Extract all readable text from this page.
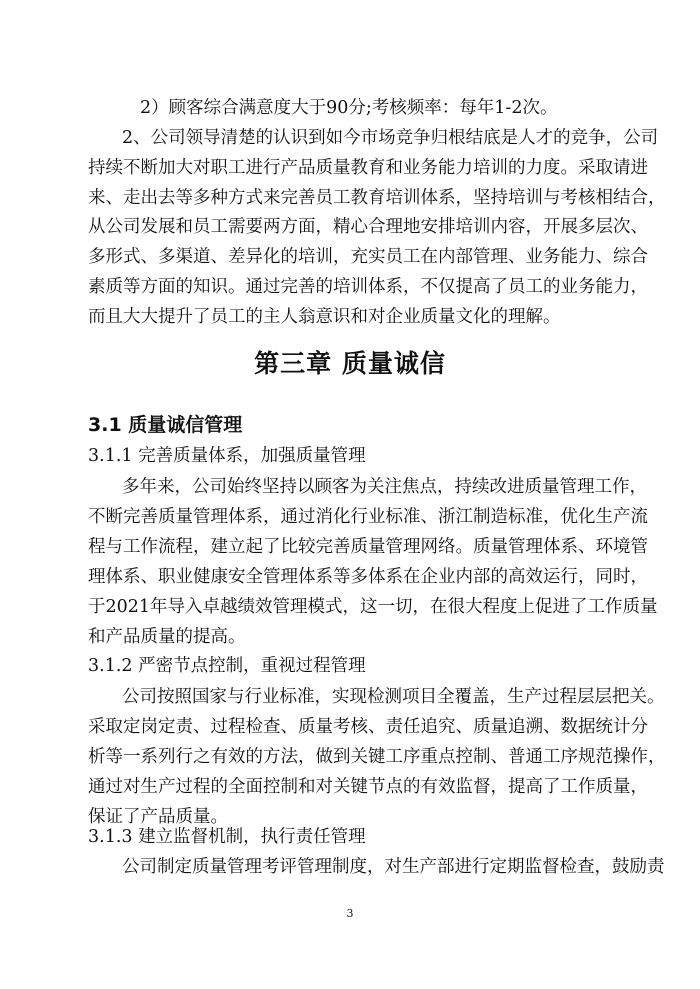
2）顾客综合满意度大于90分;考核频率：每年1-2次。
2、公司领导清楚的认识到如今市场竞争归根结底是人才的竞争，公司
持续不断加大对职工进行产品质量教育和业务能力培训的力度。采取请进
来、走出去等多种方式来完善员工教育培训体系，坚持培训与考核相结合，
从公司发展和员工需要两方面，精心合理地安排培训内容，开展多层次、
多形式、多渠道、差异化的培训，充实员工在内部管理、业务能力、综合
素质等方面的知识。通过完善的培训体系，不仅提高了员工的业务能力，
而且大大提升了员工的主人翁意识和对企业质量文化的理解。
第三章 质量诚信
3.1 质量诚信管理
3.1.1 完善质量体系，加强质量管理
多年来，公司始终坚持以顾客为关注焦点，持续改进质量管理工作，
不断完善质量管理体系，通过消化行业标准、浙江制造标准，优化生产流
程与工作流程，建立起了比较完善质量管理网络。质量管理体系、环境管
理体系、职业健康安全管理体系等多体系在企业内部的高效运行，同时，
于2021年导入卓越绩效管理模式，这一切，在很大程度上促进了工作质量
和产品质量的提高。
3.1.2 严密节点控制，重视过程管理
公司按照国家与行业标准，实现检测项目全覆盖，生产过程层层把关。
采取定岗定责、过程检查、质量考核、责任追究、质量追溯、数据统计分
析等一系列行之有效的方法，做到关键工序重点控制、普通工序规范操作，
通过对生产过程的全面控制和对关键节点的有效监督，提高了工作质量，
保证了产品质量。
3.1.3 建立监督机制，执行责任管理
公司制定质量管理考评管理制度，对生产部进行定期监督检查，鼓励责
3
